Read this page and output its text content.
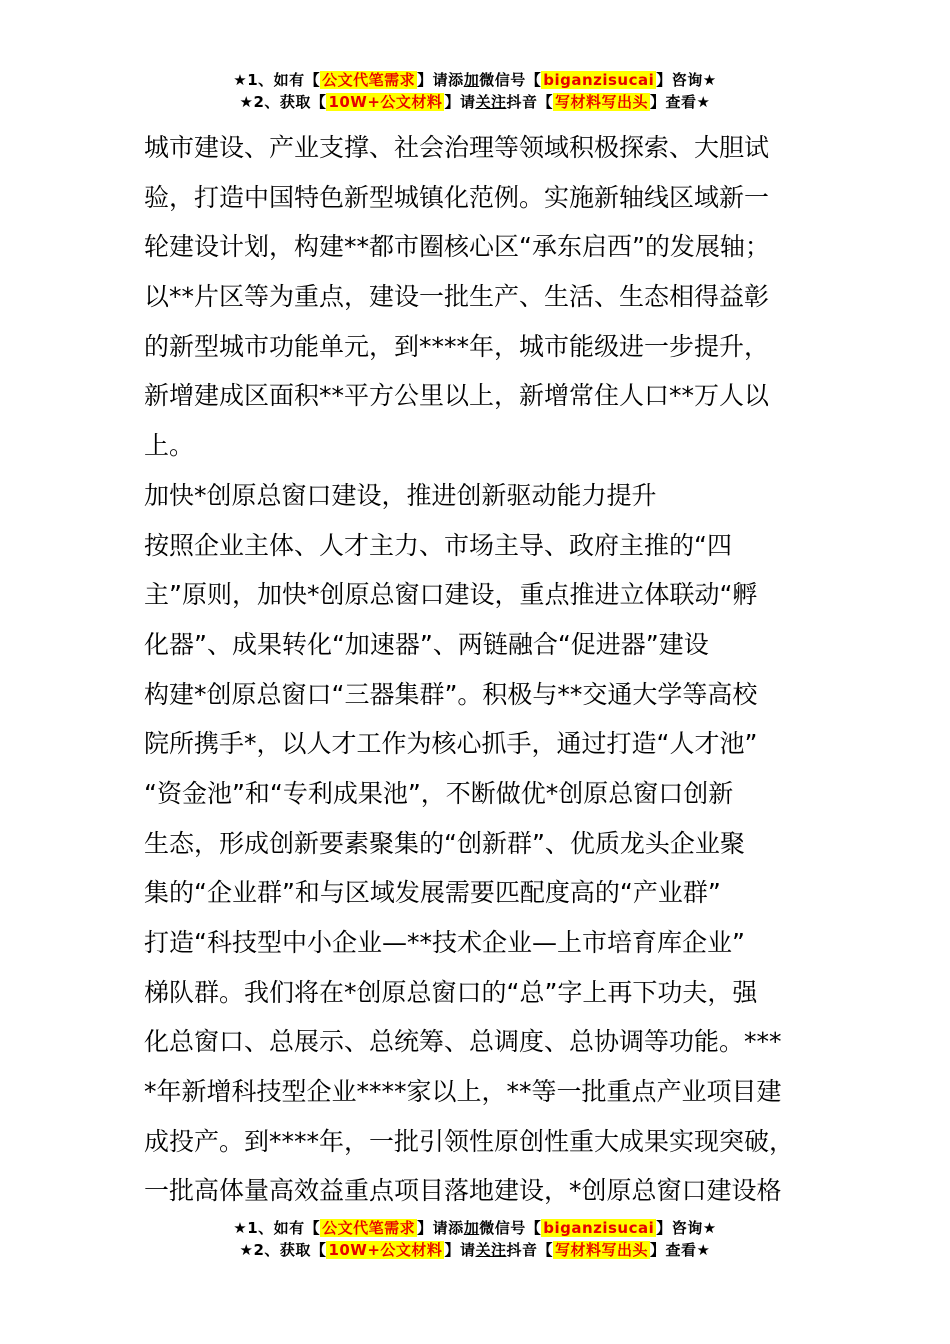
★1、如有【 公文代笔需求 】请添加微信号【 biganzisucai 】咨询★
★2、获取【 10W+公文材料 】请关注抖音【 写材料写出头 】查看★
城市建设、产业支撑、社会治理等领域积极探索、大胆试
验，打造中国特色新型城镇化范例。实施新轴线区域新一
轮建设计划，构建**都市圈核心区“承东启西”的发展轴；
以**片区等为重点，建设一批生产、生活、生态相得益彰
的新型城市功能单元，到****年，城市能级进一步提升，
新增建成区面积**平方公里以上，新增常住人口**万人以
上。
加快*创原总窗口建设，推进创新驱动能力提升
按照企业主体、人才主力、市场主导、政府主推的“四
主”原则，加快*创原总窗口建设，重点推进立体联动“孵
化器”、成果转化“加速器”、两链融合“促进器”建设
构建*创原总窗口“三器集群”。积极与**交通大学等高校
院所携手*，以人才工作为核心抓手，通过打造“人才池”
“资金池”和“专利成果池”，不断做优*创原总窗口创新
生态，形成创新要素聚集的“创新群”、优质龙头企业聚
集的“企业群”和与区域发展需要匹配度高的“产业群”
打造“科技型中小企业—**技术企业—上市培育库企业”
梯队群。我们将在*创原总窗口的“总”字上再下功夫，强
化总窗口、总展示、总统筹、总调度、总协调等功能。***
*年新增科技型企业****家以上，**等一批重点产业项目建
成投产。到****年，一批引领性原创性重大成果实现突破，
一批高体量高效益重点项目落地建设，*创原总窗口建设格
★1、如有【 公文代笔需求 】请添加微信号【 biganzisucai 】咨询★
★2、获取【 10W+公文材料 】请关注抖音【 写材料写出头 】查看★
